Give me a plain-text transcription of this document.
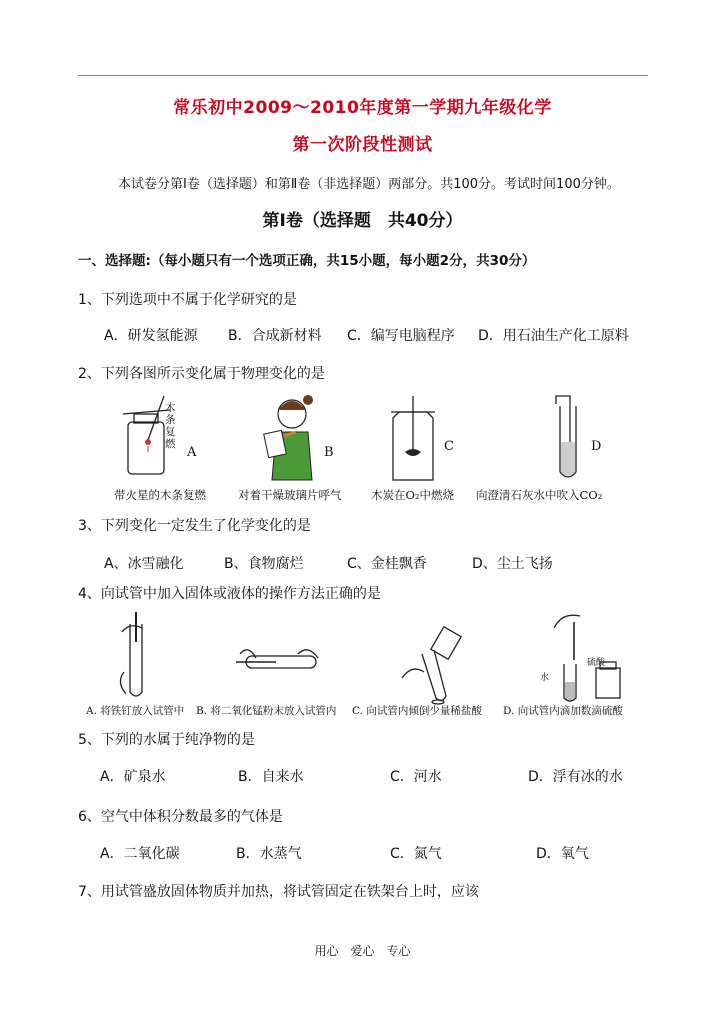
常乐初中2009～2010年度第一学期九年级化学
第一次阶段性测试
本试卷分第Ⅰ卷（选择题）和第Ⅱ卷（非选择题）两部分。共100分。考试时间100分钟。
第Ⅰ卷（选择题　共40分）
一、选择题:（每小题只有一个选项正确，共15小题，每小题2分，共30分）
1、下列选项中不属于化学研究的是
A．研发氢能源 B．合成新材料 C．编写电脑程序 D．用石油生产化工原料
2、下列各图所示变化属于物理变化的是
木条复燃
A	B	C	D
带火星的木条复燃	对着干燥玻璃片呼气	木炭在O₂中燃烧 向澄清石灰水中吹入CO₂
3、下列变化一定发生了化学变化的是
A、冰雪融化	B、食物腐烂	C、金桂飘香	D、尘土飞扬
4、向试管中加入固体或液体的操作方法正确的是
硫酸
水
A. 将铁钉放入试管中 B. 将二氧化锰粉末放入试管内 C. 向试管内倾倒少量稀盐酸 D. 向试管内滴加数滴硫酸
5、下列的水属于纯净物的是
A．矿泉水	B．自来水	C．河水	D．浮有冰的水
6、空气中体积分数最多的气体是
A．二氧化碳	B．水蒸气	C．氮气	D．氧气
7、用试管盛放固体物质并加热，将试管固定在铁架台上时，应该
用心　爱心　专心
